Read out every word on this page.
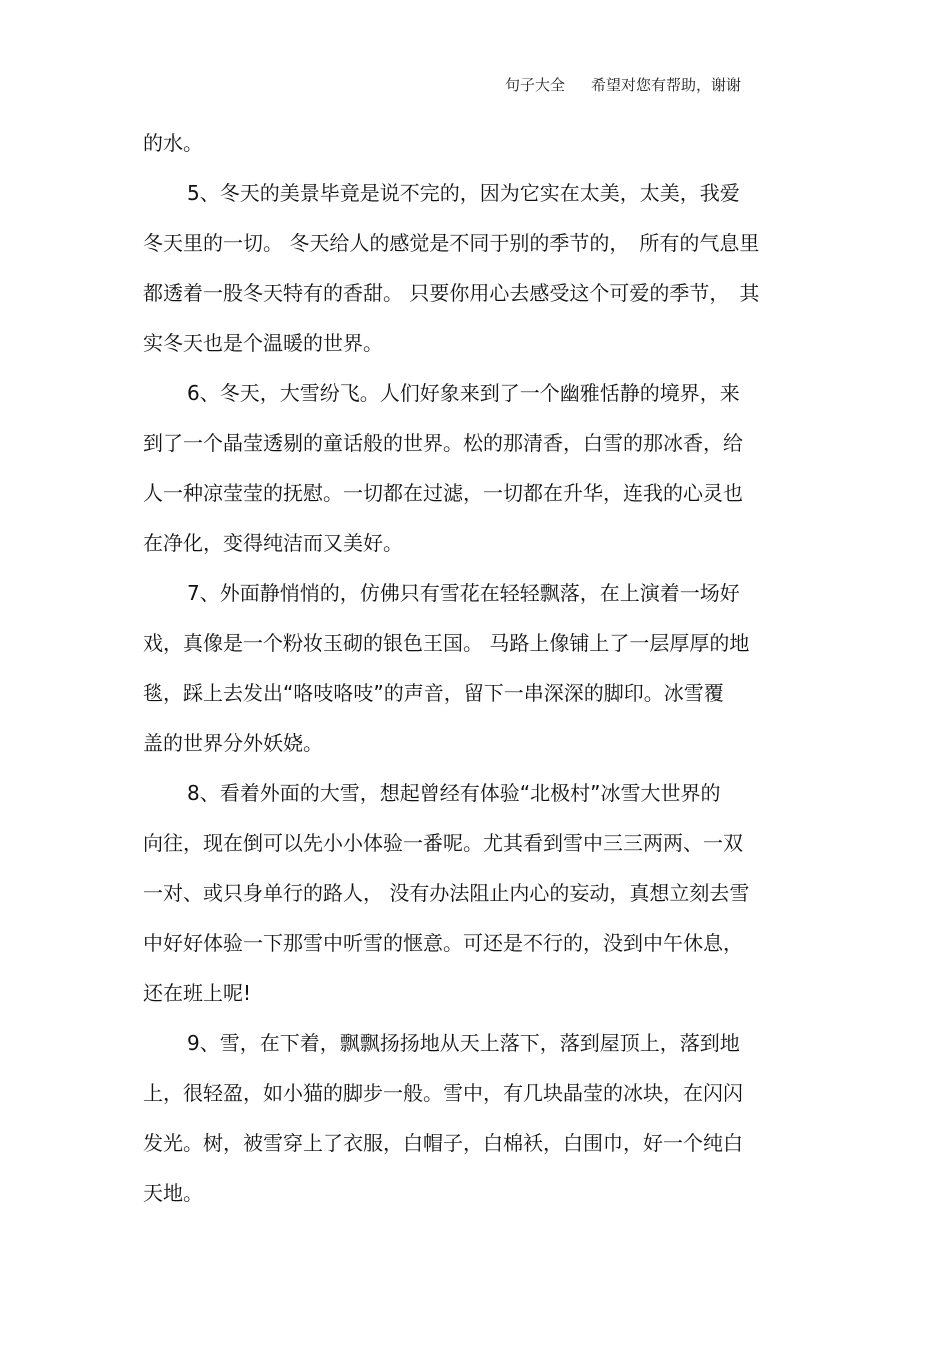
句子大全 希望对您有帮助，谢谢
的水。
5、冬天的美景毕竟是说不完的，因为它实在太美，太美，我爱
冬天里的一切。 冬天给人的感觉是不同于别的季节的，　所有的气息里
都透着一股冬天特有的香甜。 只要你用心去感受这个可爱的季节，　其
实冬天也是个温暖的世界。
6、冬天，大雪纷飞。人们好象来到了一个幽雅恬静的境界，来
到了一个晶莹透剔的童话般的世界。松的那清香，白雪的那冰香，给
人一种凉莹莹的抚慰。一切都在过滤，一切都在升华，连我的心灵也
在净化，变得纯洁而又美好。
7、外面静悄悄的，仿佛只有雪花在轻轻飘落，在上演着一场好
戏，真像是一个粉妆玉砌的银色王国。 马路上像铺上了一层厚厚的地
毯，踩上去发出“咯吱咯吱”的声音，留下一串深深的脚印。冰雪覆
盖的世界分外妖娆。
8、看着外面的大雪，想起曾经有体验“北极村”冰雪大世界的
向往，现在倒可以先小小体验一番呢。尤其看到雪中三三两两、一双
一对、或只身单行的路人， 没有办法阻止内心的妄动，真想立刻去雪
中好好体验一下那雪中听雪的惬意。可还是不行的，没到中午休息，
还在班上呢!
9、雪，在下着，飘飘扬扬地从天上落下，落到屋顶上，落到地
上，很轻盈，如小猫的脚步一般。雪中，有几块晶莹的冰块，在闪闪
发光。树，被雪穿上了衣服，白帽子，白棉袄，白围巾，好一个纯白
天地。
